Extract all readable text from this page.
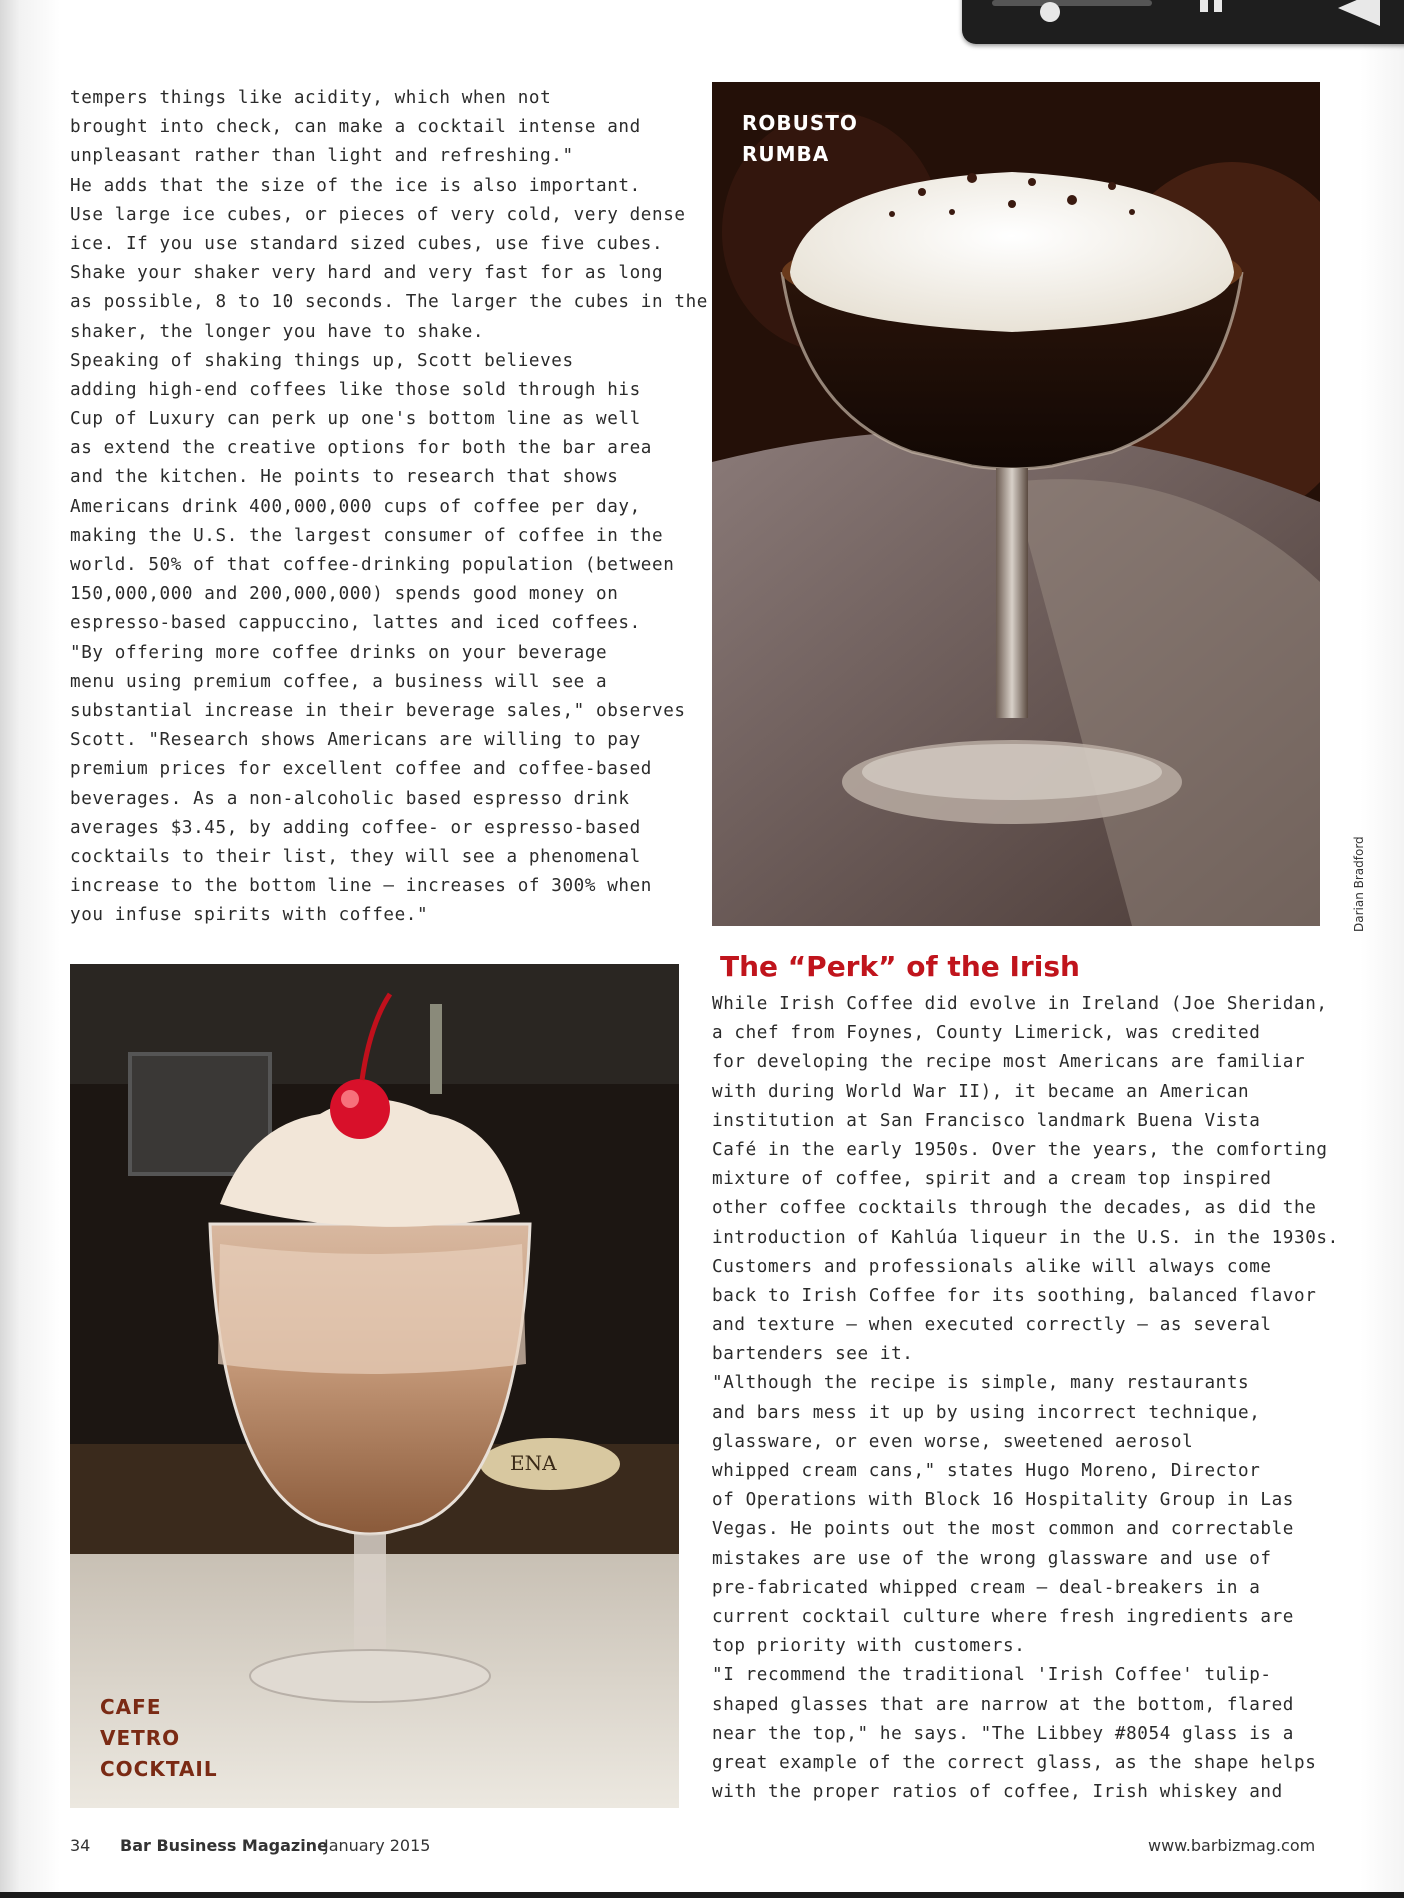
tempers things like acidity, which when not
brought into check, can make a cocktail intense and
unpleasant rather than light and refreshing."
He adds that the size of the ice is also important.
Use large ice cubes, or pieces of very cold, very dense
ice. If you use standard sized cubes, use five cubes.
Shake your shaker very hard and very fast for as long
as possible, 8 to 10 seconds. The larger the cubes in the
shaker, the longer you have to shake.
Speaking of shaking things up, Scott believes
adding high-end coffees like those sold through his
Cup of Luxury can perk up one's bottom line as well
as extend the creative options for both the bar area
and the kitchen. He points to research that shows
Americans drink 400,000,000 cups of coffee per day,
making the U.S. the largest consumer of coffee in the
world. 50% of that coffee-drinking population (between
150,000,000 and 200,000,000) spends good money on
espresso-based cappuccino, lattes and iced coffees.
"By offering more coffee drinks on your beverage
menu using premium coffee, a business will see a
substantial increase in their beverage sales," observes
Scott. "Research shows Americans are willing to pay
premium prices for excellent coffee and coffee-based
beverages. As a non-alcoholic based espresso drink
averages $3.45, by adding coffee- or espresso-based
cocktails to their list, they will see a phenomenal
increase to the bottom line — increases of 300% when
you infuse spirits with coffee."
ROBUSTO
RUMBA
Darian Bradford
ENA
CAFE
VETRO
COCKTAIL
The “Perk” of the Irish
While Irish Coffee did evolve in Ireland (Joe Sheridan,
a chef from Foynes, County Limerick, was credited
for developing the recipe most Americans are familiar
with during World War II), it became an American
institution at San Francisco landmark Buena Vista
Café in the early 1950s. Over the years, the comforting
mixture of coffee, spirit and a cream top inspired
other coffee cocktails through the decades, as did the
introduction of Kahlúa liqueur in the U.S. in the 1930s.
Customers and professionals alike will always come
back to Irish Coffee for its soothing, balanced flavor
and texture — when executed correctly — as several
bartenders see it.
"Although the recipe is simple, many restaurants
and bars mess it up by using incorrect technique,
glassware, or even worse, sweetened aerosol
whipped cream cans," states Hugo Moreno, Director
of Operations with Block 16 Hospitality Group in Las
Vegas. He points out the most common and correctable
mistakes are use of the wrong glassware and use of
pre-fabricated whipped cream — deal-breakers in a
current cocktail culture where fresh ingredients are
top priority with customers.
"I recommend the traditional 'Irish Coffee' tulip-
shaped glasses that are narrow at the bottom, flared
near the top," he says. "The Libbey #8054 glass is a
great example of the correct glass, as the shape helps
with the proper ratios of coffee, Irish whiskey and
34 Bar Business Magazine
January 2015	www.barbizmag.com
